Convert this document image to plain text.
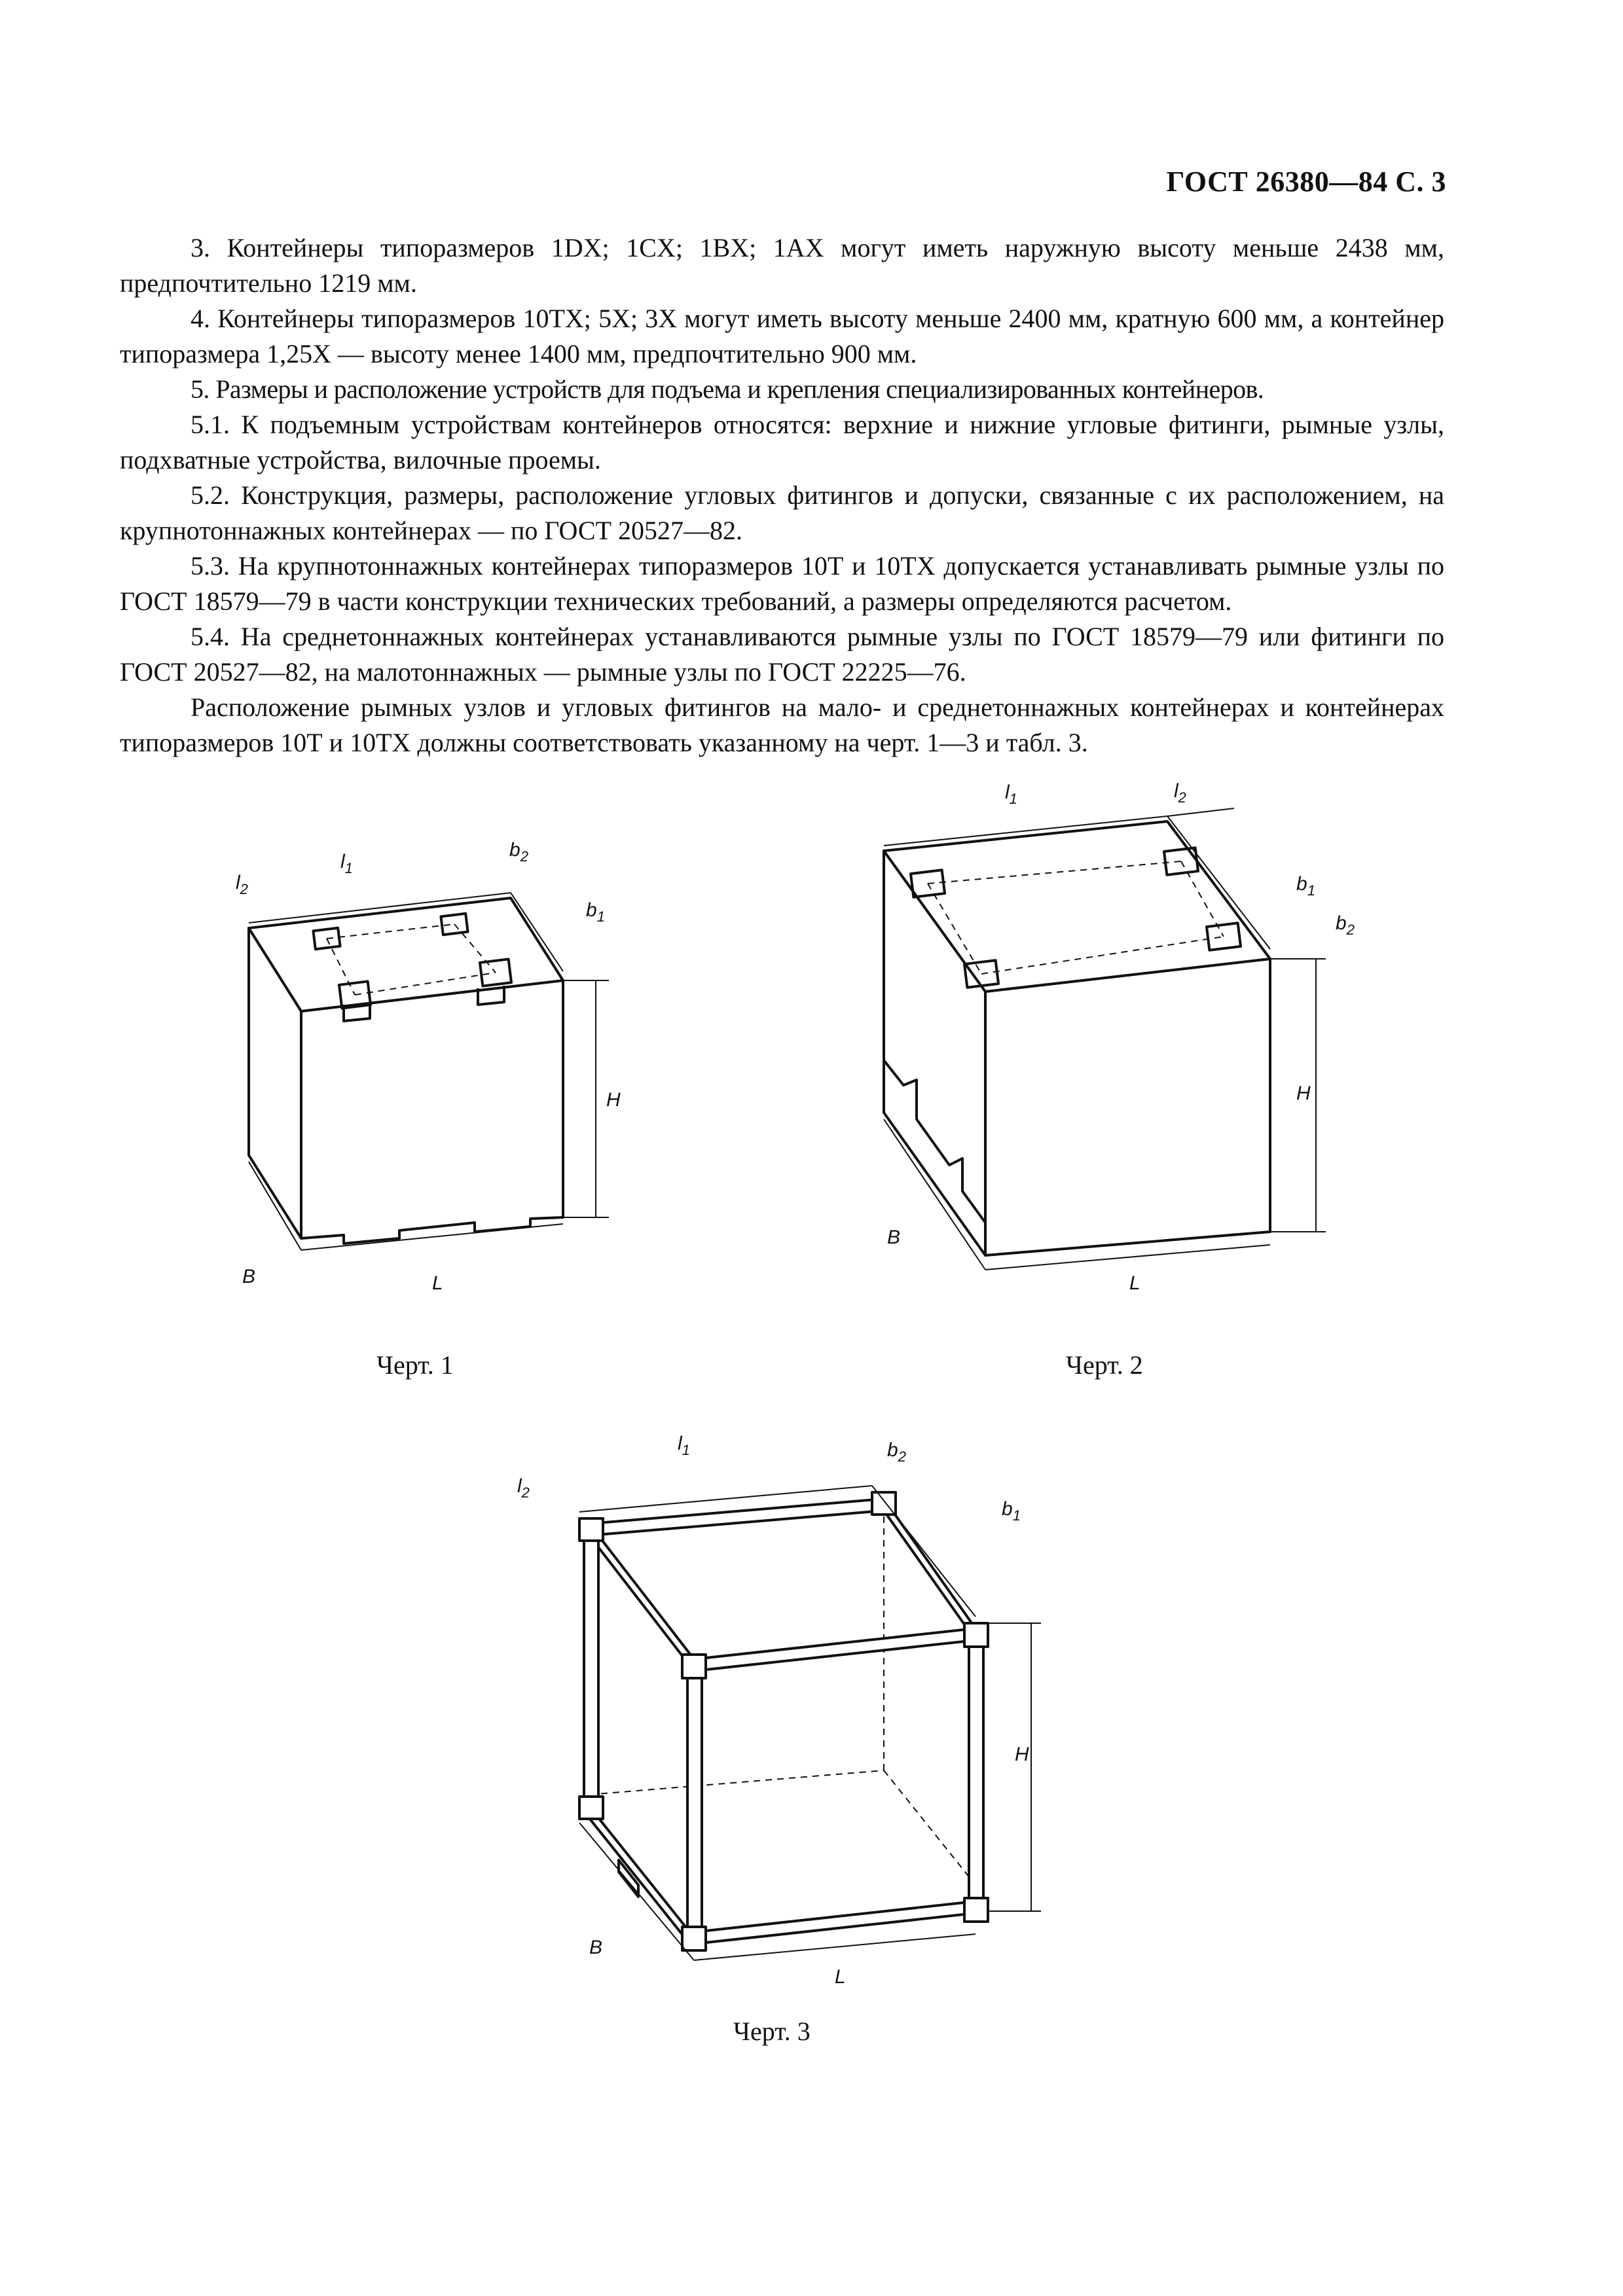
ГОСТ 26380—84 С. 3

3. Контейнеры типоразмеров 1DX; 1CX; 1BX; 1AX могут иметь наружную высоту меньше 2438 мм, предпочтительно 1219 мм.

4. Контейнеры типоразмеров 10ТХ; 5Х; 3Х могут иметь высоту меньше 2400 мм, кратную 600 мм, а контейнер типоразмера 1,25Х — высоту менее 1400 мм, предпочтительно 900 мм.

5. Размеры и расположение устройств для подъема и крепления специализированных контейнеров.

5.1. К подъемным устройствам контейнеров относятся: верхние и нижние угловые фитинги, рымные узлы, подхватные устройства, вилочные проемы.

5.2. Конструкция, размеры, расположение угловых фитингов и допуски, связанные с их расположением, на крупнотоннажных контейнерах — по ГОСТ 20527—82.

5.3. На крупнотоннажных контейнерах типоразмеров 10Т и 10ТХ допускается устанавливать рымные узлы по ГОСТ 18579—79 в части конструкции технических требований, а размеры определяются расчетом.

5.4. На среднетоннажных контейнерах устанавливаются рымные узлы по ГОСТ 18579—79 или фитинги по ГОСТ 20527—82, на малотоннажных — рымные узлы по ГОСТ 22225—76.

Расположение рымных узлов и угловых фитингов на мало- и среднетоннажных контейнерах и контейнерах типоразмеров 10Т и 10ТХ должны соответствовать указанному на черт. 1—3 и табл. 3.

$l_2$
$l_1$
$b_2$
$b_1$
H
L
B
Черт. 1
$l_1$	$l_2$
$b_1$
$b_2$
H
L
B
Черт. 2
$l_1$
$l_2$
$b_2$
$b_1$
H
L
B
Черт. 3
